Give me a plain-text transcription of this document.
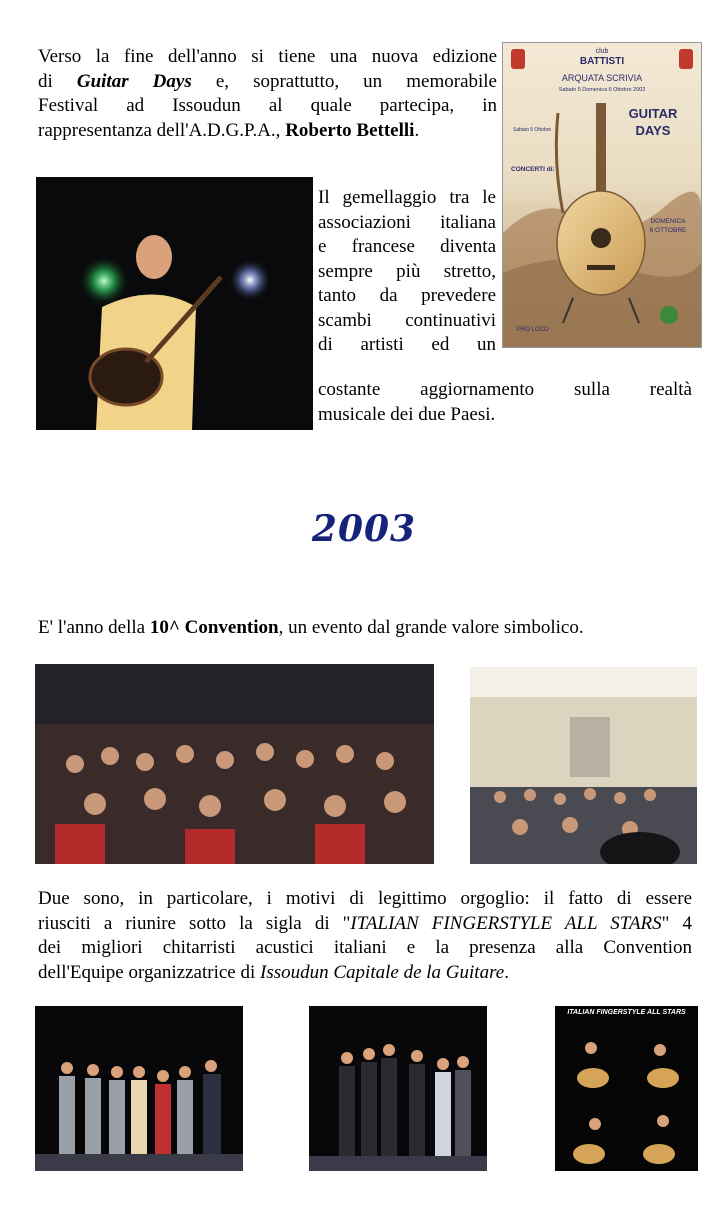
Verso la fine dell'anno si tiene una nuova edizione
di Guitar Days e, soprattutto, un memorabile
Festival ad Issoudun al quale partecipa, in
rappresentanza dell'A.D.G.P.A., Roberto Bettelli.
club
BATTISTI
ARQUATA SCRIVIA
Sabato 5 Domenica 6 Ottobre 2002
GUITAR
DAYS
Sabato 5 Ottobre
CONCERTI di:
DOMENICA
6 OTTOBRE
PRO LOCO
Il gemellaggio tra le
associazioni italiana
e francese diventa
sempre più stretto,
tanto da prevedere
scambi continuativi
di artisti ed un
costante aggiornamento sulla realtà
musicale dei due Paesi.
2003
E' l'anno della 10^ Convention, un evento dal grande valore simbolico.
Due sono, in particolare, i motivi di legittimo orgoglio: il fatto di essere
riusciti a riunire sotto la sigla di "ITALIAN FINGERSTYLE ALL STARS" 4
dei migliori chitarristi acustici italiani e la presenza alla Convention
dell'Equipe organizzatrice di Issoudun Capitale de la Guitare.
ITALIAN FINGERSTYLE ALL STARS
